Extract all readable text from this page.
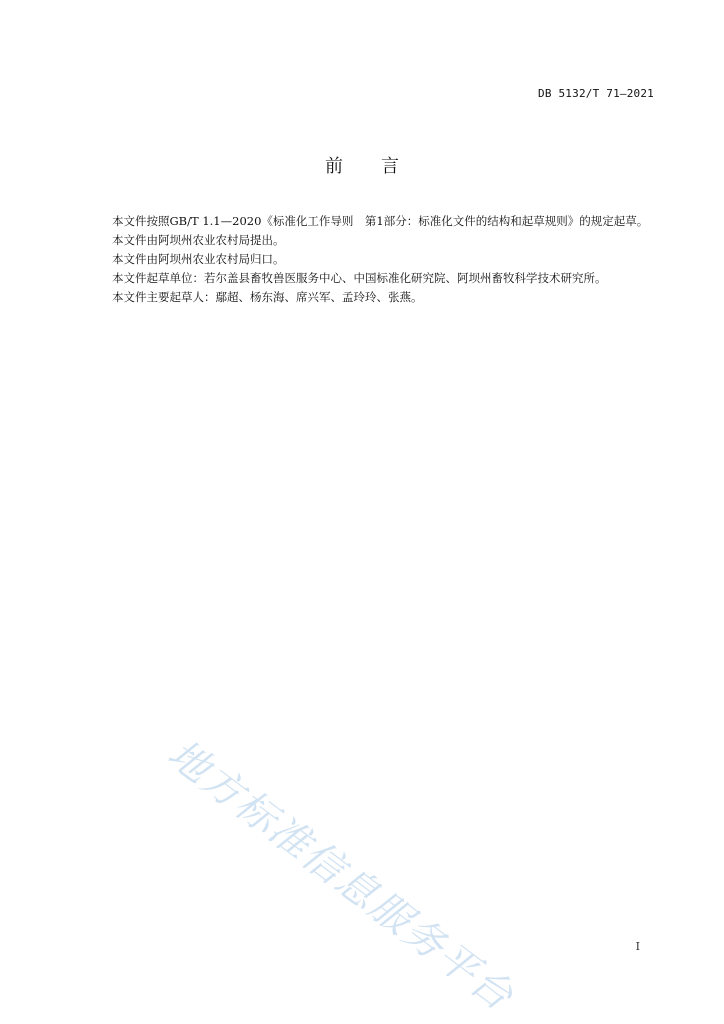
DB 5132/T 71—2021
前言

本文件按照GB/T 1.1—2020《标准化工作导则　第1部分：标准化文件的结构和起草规则》的规定起草。

本文件由阿坝州农业农村局提出。

本文件由阿坝州农业农村局归口。

本文件起草单位：若尔盖县畜牧兽医服务中心、中国标准化研究院、阿坝州畜牧科学技术研究所。

本文件主要起草人：鄢超、杨东海、席兴军、孟玲玲、张燕。

地方标准信息服务平台	I
